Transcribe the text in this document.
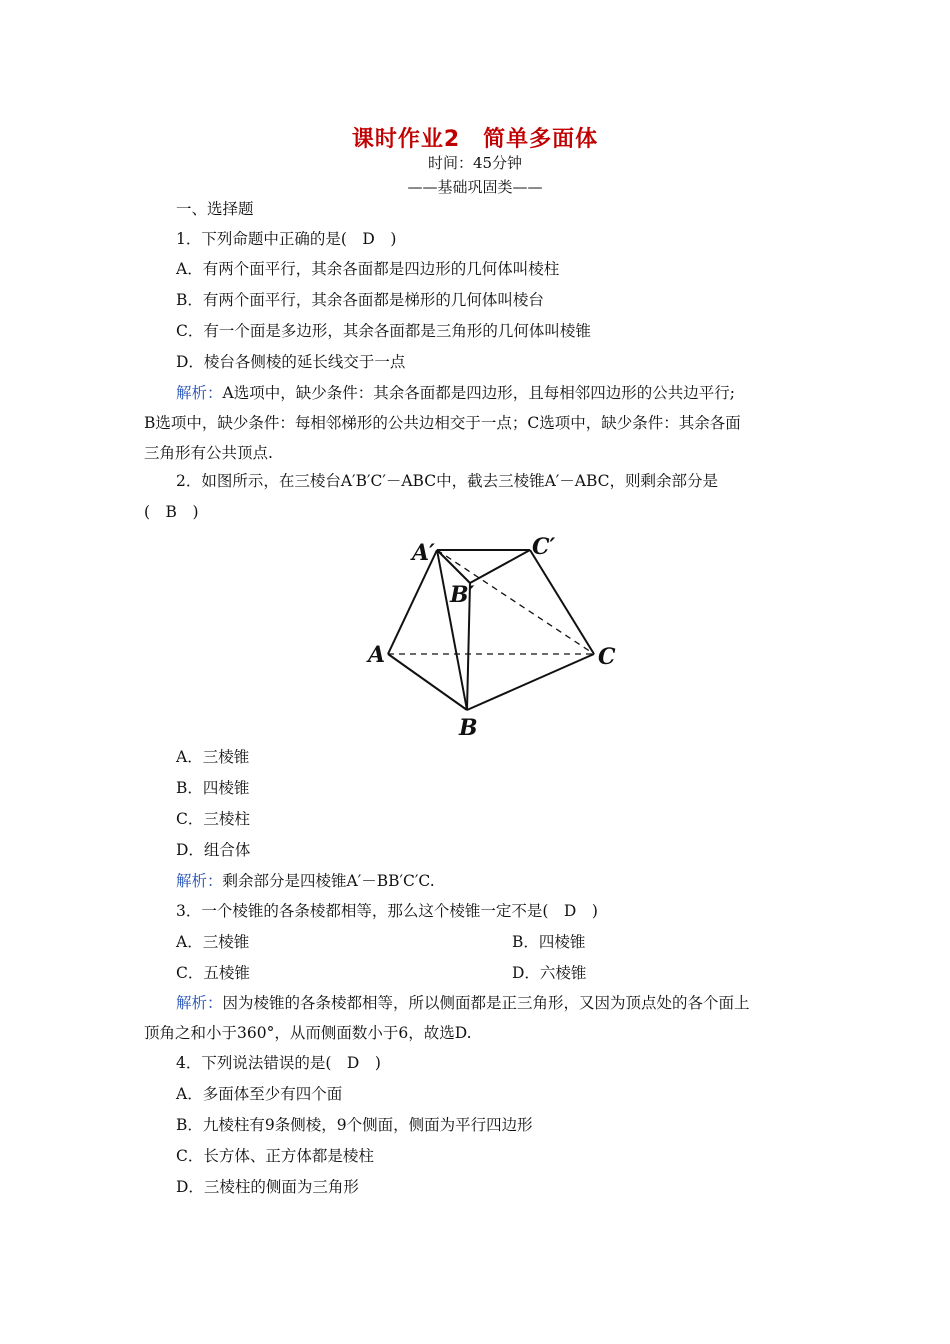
课时作业2　简单多面体
时间：45分钟
——基础巩固类——
一、选择题
1．下列命题中正确的是(　D　)
A．有两个面平行，其余各面都是四边形的几何体叫棱柱
B．有两个面平行，其余各面都是梯形的几何体叫棱台
C．有一个面是多边形，其余各面都是三角形的几何体叫棱锥
D．棱台各侧棱的延长线交于一点
解析：A选项中，缺少条件：其余各面都是四边形，且每相邻四边形的公共边平行;
B选项中，缺少条件：每相邻梯形的公共边相交于一点；C选项中，缺少条件：其余各面
三角形有公共顶点.
2．如图所示，在三棱台A′B′C′－ABC中，截去三棱锥A′－ABC，则剩余部分是
(　B　)
A′	C′
B′
A	C
B
A．三棱锥
B．四棱锥
C．三棱柱
D．组合体
解析：剩余部分是四棱锥A′－BB′C′C.
3．一个棱锥的各条棱都相等，那么这个棱锥一定不是(　D　)
A．三棱锥	B．四棱锥
C．五棱锥	D．六棱锥
解析：因为棱锥的各条棱都相等，所以侧面都是正三角形，又因为顶点处的各个面上
顶角之和小于360°，从而侧面数小于6，故选D.
4．下列说法错误的是(　D　)
A．多面体至少有四个面
B．九棱柱有9条侧棱，9个侧面，侧面为平行四边形
C．长方体、正方体都是棱柱
D．三棱柱的侧面为三角形
